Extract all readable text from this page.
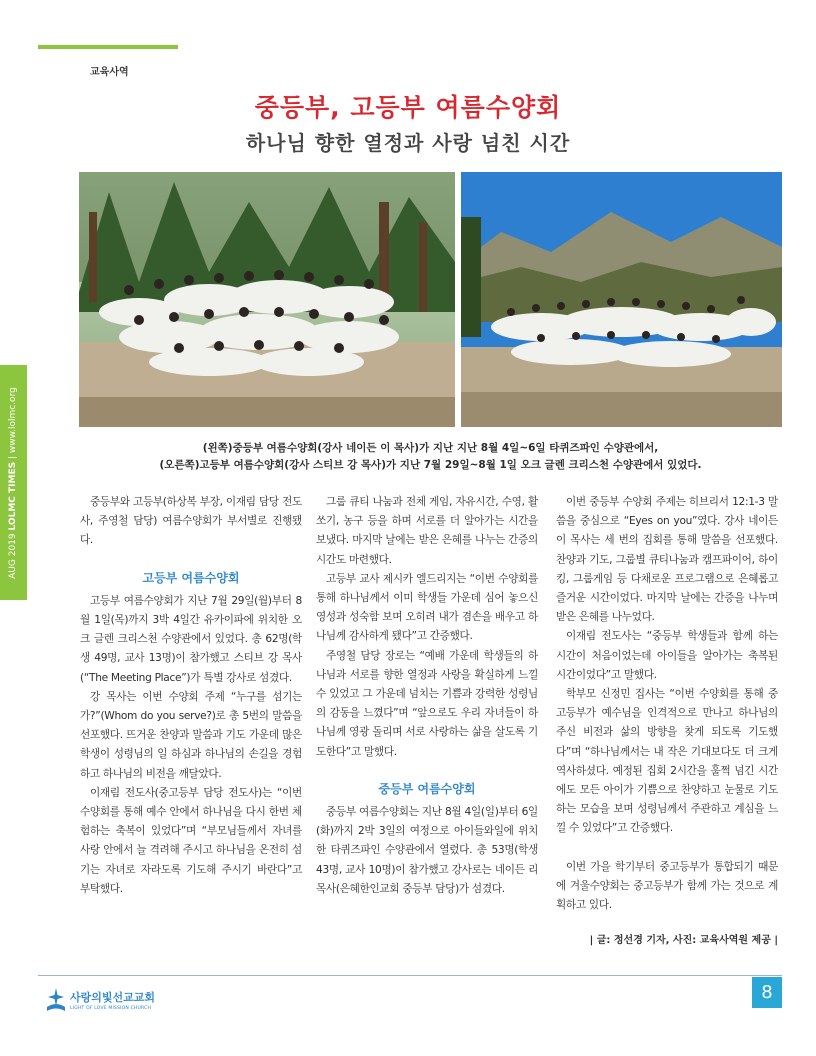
교육사역
중등부, 고등부 여름수양회
하나님 향한 열정과 사랑 넘친 시간
(왼쪽)중등부 여름수양회(강사 네이든 이 목사)가 지난 지난 8월 4일~6일 타퀴즈파인 수양관에서,
(오른쪽)고등부 여름수양회(강사 스티브 강 목사)가 지난 7월 29일~8월 1일 오크 글렌 크리스천 수양관에서 있었다.
AUG 2019 LOLMC TIMES | www.lolmc.org

중등부와 고등부(하상복 부장, 이재림 담당 전도사, 주영철 담당) 여름수양회가 부서별로 진행됐다.

고등부 여름수양회

고등부 여름수양회가 지난 7월 29일(월)부터 8월 1일(목)까지 3박 4일간 유카이파에 위치한 오크 글렌 크리스천 수양관에서 있었다. 총 62명(학생 49명, 교사 13명)이 참가했고 스티브 강 목사(“The Meeting Place”)가 특별 강사로 섬겼다.

강 목사는 이번 수양회 주제 “누구를 섬기는가?”(Whom do you serve?)로 총 5번의 말씀을 선포했다. 뜨거운 찬양과 말씀과 기도 가운데 많은 학생이 성령님의 일 하심과 하나님의 손길을 경험하고 하나님의 비전을 깨달았다.

이재림 전도사(중고등부 담당 전도사)는 “이번 수양회를 통해 예수 안에서 하나님을 다시 한번 체험하는 축복이 있었다”며 “부모님들께서 자녀를 사랑 안에서 늘 격려해 주시고 하나님을 온전히 섬기는 자녀로 자라도록 기도해 주시기 바란다”고 부탁했다.

그룹 큐티 나눔과 전체 게임, 자유시간, 수영, 활쏘기, 농구 등을 하며 서로를 더 알아가는 시간을 보냈다. 마지막 날에는 받은 은혜를 나누는 간증의 시간도 마련했다.

고등부 교사 제시카 엘드리지는 “이번 수양회를 통해 하나님께서 이미 학생들 가운데 심어 놓으신 영성과 성숙함 보며 오히려 내가 겸손을 배우고 하나님께 감사하게 됐다”고 간증했다.

주영철 담당 장로는 “예배 가운데 학생들의 하나님과 서로를 향한 열정과 사랑을 확실하게 느낄 수 있었고 그 가운데 넘치는 기쁨과 강력한 성령님의 감동을 느꼈다”며 “앞으로도 우리 자녀들이 하나님께 영광 돌리며 서로 사랑하는 삶을 살도록 기도한다”고 말했다.

중등부 여름수양회

중등부 여름수양회는 지난 8월 4일(일)부터 6일(화)까지 2박 3일의 여정으로 아이들와일에 위치한 타퀴즈파인 수양관에서 열렸다. 총 53명(학생 43명, 교사 10명)이 참가했고 강사로는 네이든 리 목사(은혜한인교회 중등부 담당)가 섬겼다.

이번 중등부 수양회 주제는 히브리서 12:1-3 말씀을 중심으로 “Eyes on you”였다. 강사 네이든 이 목사는 세 번의 집회를 통해 말씀을 선포했다. 찬양과 기도, 그룹별 큐티나눔과 캠프파이어, 하이킹, 그룹게임 등 다채로운 프로그램으로 은혜롭고 즐거운 시간이었다. 마지막 날에는 간증을 나누며 받은 은혜를 나누었다.

이재림 전도사는 “중등부 학생들과 함께 하는 시간이 처음이었는데 아이들을 알아가는 축복된 시간이었다”고 말했다.

학부모 신정민 집사는 “이번 수양회를 통해 중고등부가 예수님을 인격적으로 만나고 하나님의 주신 비전과 삶의 방향을 찾게 되도록 기도했다”며 “하나님께서는 내 작은 기대보다도 더 크게 역사하셨다. 예정된 집회 2시간을 훌쩍 넘긴 시간에도 모든 아이가 기쁨으로 찬양하고 눈물로 기도하는 모습을 보며 성령님께서 주관하고 계심을 느낄 수 있었다”고 간증했다.

이번 가을 학기부터 중고등부가 통합되기 때문에 겨울수양회는 중고등부가 함께 가는 것으로 계획하고 있다.

| 글: 정선경 기자, 사진: 교육사역원 제공 |
사랑의빛선교교회
LIGHT OF LOVE MISSION CHURCH
8
